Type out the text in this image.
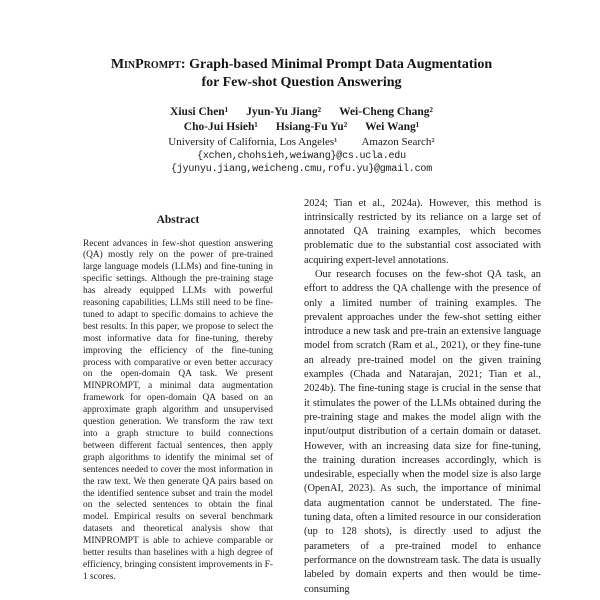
MinPrompt: Graph-based Minimal Prompt Data Augmentation
for Few-shot Question Answering
Xiusi Chen¹ Jyun-Yu Jiang² Wei-Cheng Chang²
Cho-Jui Hsieh¹ Hsiang-Fu Yu² Wei Wang¹
University of California, Los Angeles¹ Amazon Search²
{xchen,chohsieh,weiwang}@cs.ucla.edu
{jyunyu.jiang,weicheng.cmu,rofu.yu}@gmail.com
Abstract
Recent advances in few-shot question answering (QA) mostly rely on the power of pre-trained large language models (LLMs) and fine-tuning in specific settings. Although the pre-training stage has already equipped LLMs with powerful reasoning capabilities, LLMs still need to be fine-tuned to adapt to specific domains to achieve the best results. In this paper, we propose to select the most informative data for fine-tuning, thereby improving the efficiency of the fine-tuning process with comparative or even better accuracy on the open-domain QA task. We present MINPROMPT, a minimal data augmentation framework for open-domain QA based on an approximate graph algorithm and unsupervised question generation. We transform the raw text into a graph structure to build connections between different factual sentences, then apply graph algorithms to identify the minimal set of sentences needed to cover the most information in the raw text. We then generate QA pairs based on the identified sentence subset and train the model on the selected sentences to obtain the final model. Empirical results on several benchmark datasets and theoretical analysis show that MINPROMPT is able to achieve comparable or better results than baselines with a high degree of efficiency, bringing consistent improvements in F-1 scores.

2024; Tian et al., 2024a). However, this method is intrinsically restricted by its reliance on a large set of annotated QA training examples, which becomes problematic due to the substantial cost associated with acquiring expert-level annotations.

Our research focuses on the few-shot QA task, an effort to address the QA challenge with the presence of only a limited number of training examples. The prevalent approaches under the few-shot setting either introduce a new task and pre-train an extensive language model from scratch (Ram et al., 2021), or they fine-tune an already pre-trained model on the given training examples (Chada and Natarajan, 2021; Tian et al., 2024b). The fine-tuning stage is crucial in the sense that it stimulates the power of the LLMs obtained during the pre-training stage and makes the model align with the input/output distribution of a certain domain or dataset. However, with an increasing data size for fine-tuning, the training duration increases accordingly, which is undesirable, especially when the model size is also large (OpenAI, 2023). As such, the importance of minimal data augmentation cannot be understated. The fine-tuning data, often a limited resource in our consideration (up to 128 shots), is directly used to adjust the parameters of a pre-trained model to enhance performance on the downstream task. The data is usually labeled by domain experts and then would be time-consuming
